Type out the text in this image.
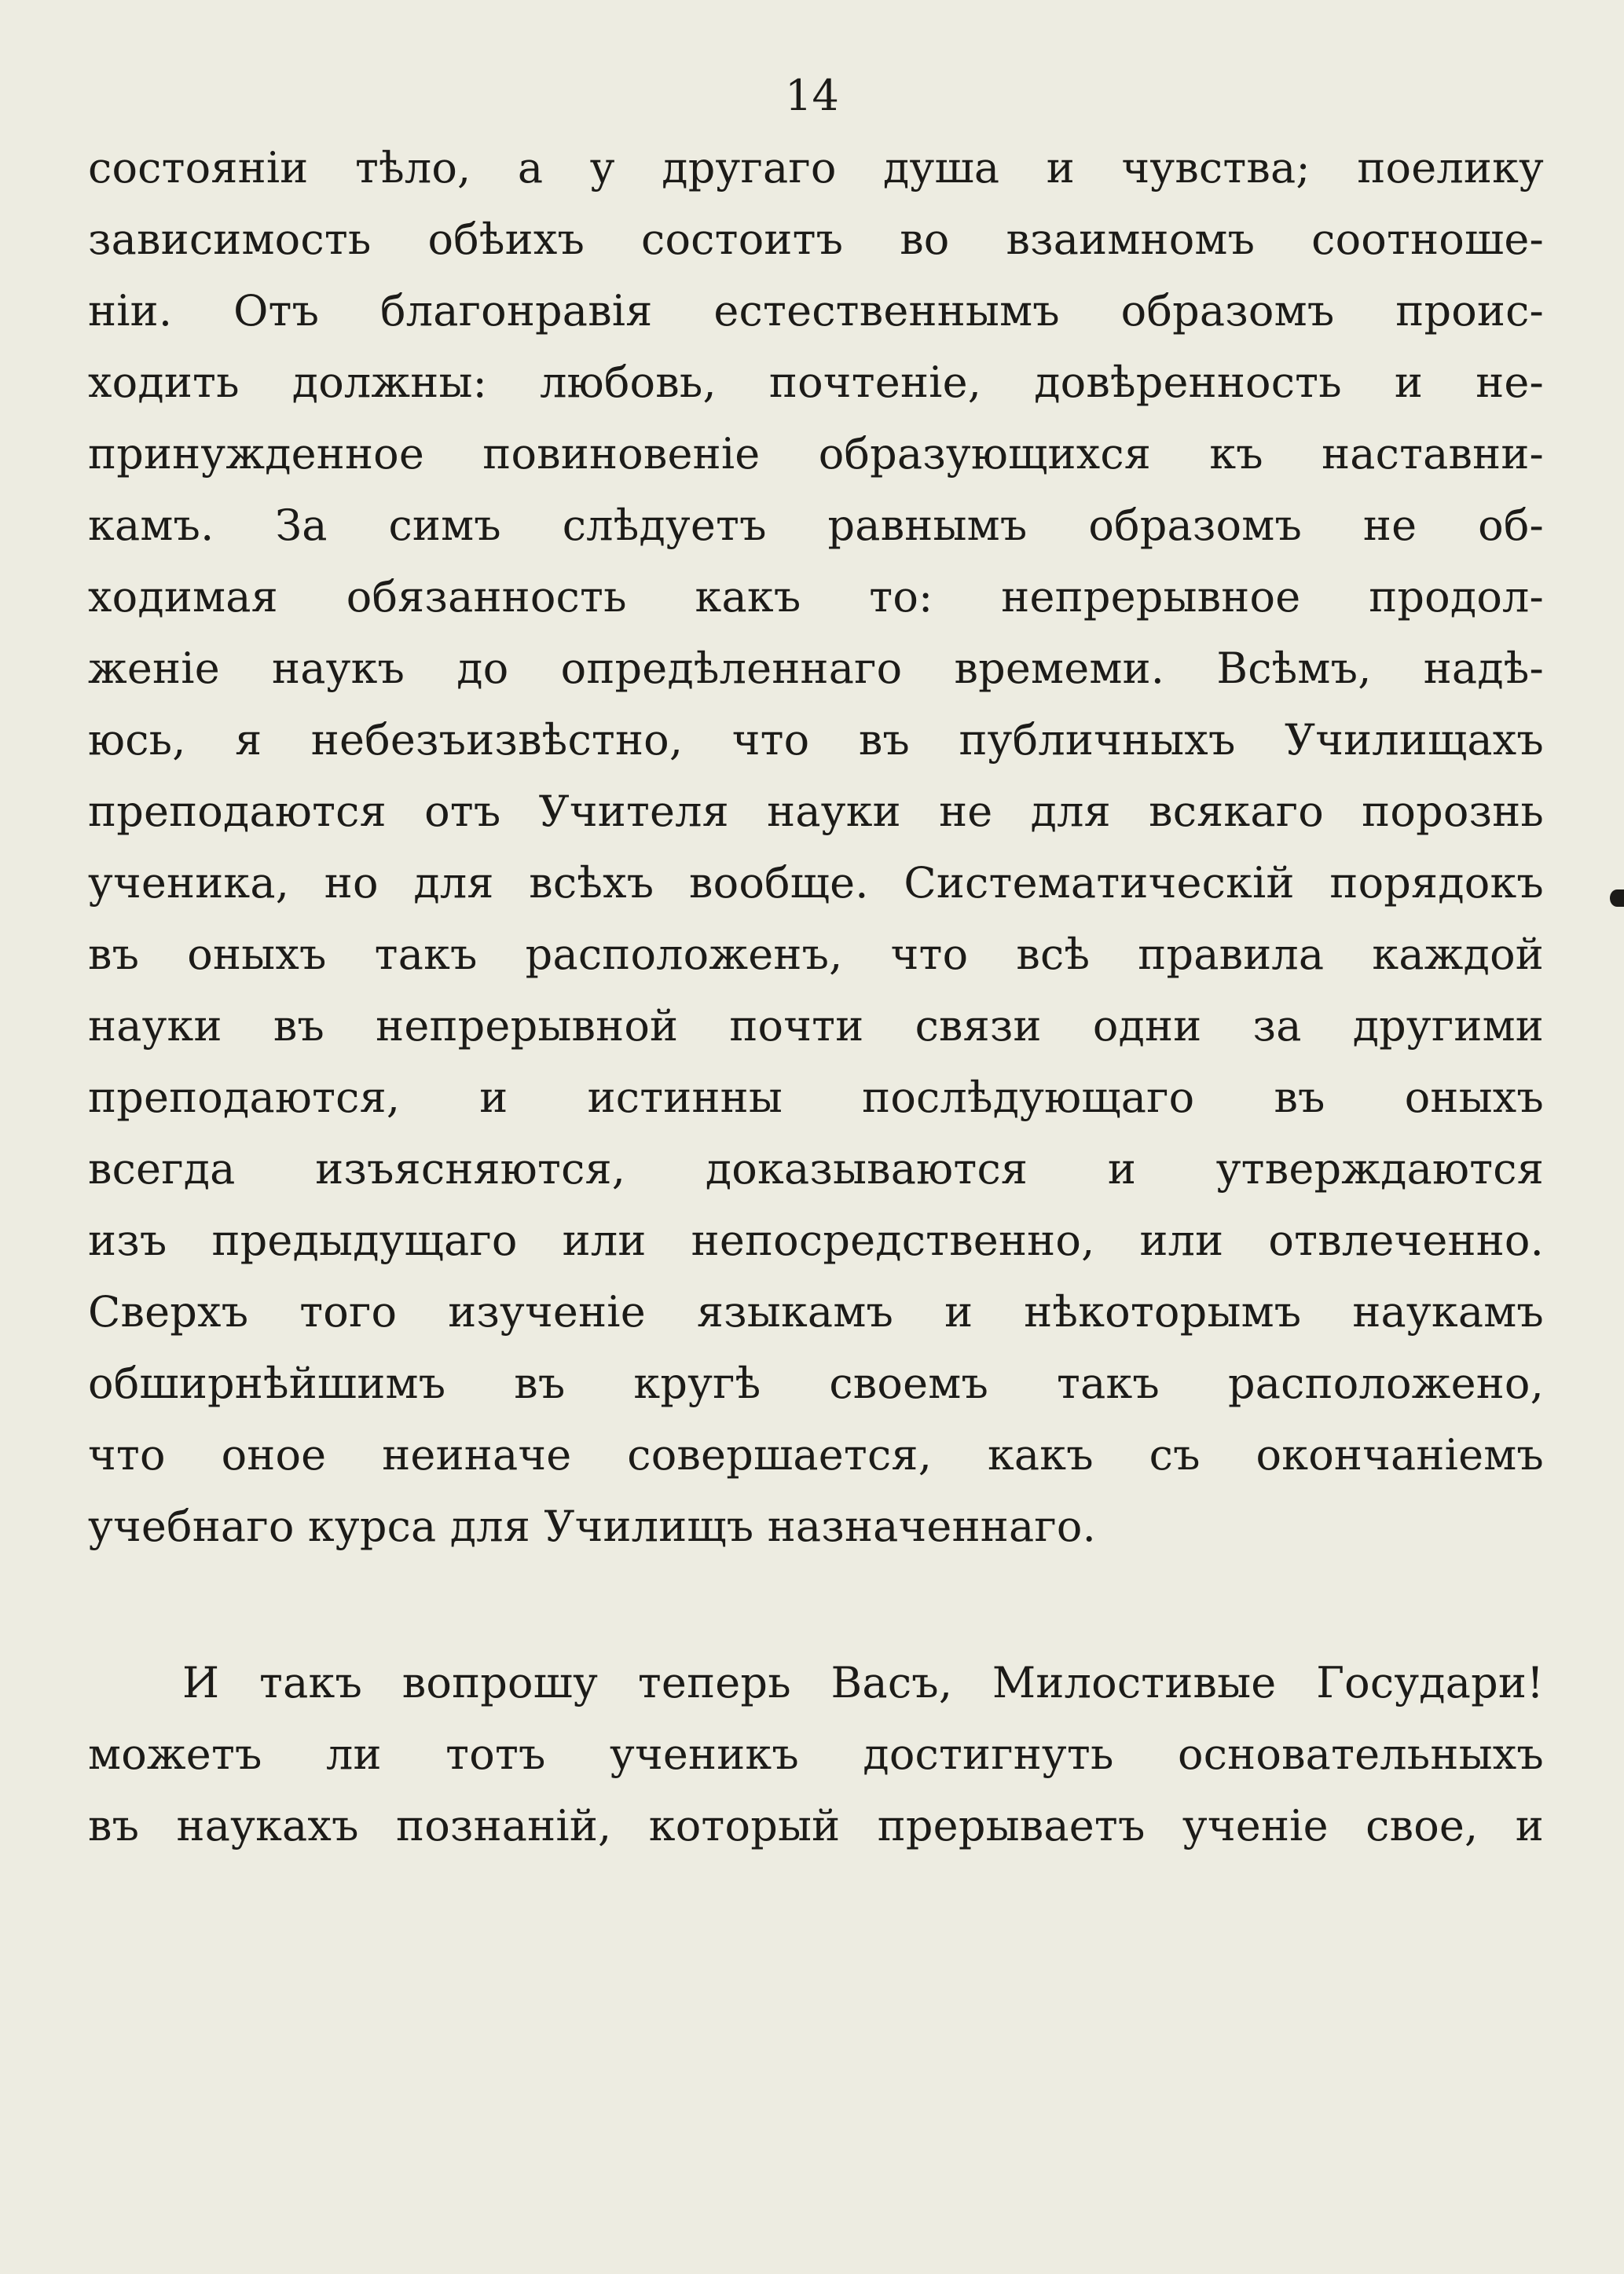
14
состояніи тѣло, а у другаго душа и чувства; поелику
зависимость обѣихъ состоитъ во взаимномъ соотноше-
ніи. Отъ благонравія естественнымъ образомъ проис-
ходить должны: любовь, почтеніе, довѣренность и не-
принужденное повиновеніе образующихся къ наставни-
камъ. За симъ слѣдуетъ равнымъ образомъ не об-
ходимая обязанность какъ то: непрерывное продол-
женіе наукъ до опредѣленнаго времеми. Всѣмъ, надѣ-
юсь, я небезъизвѣстно, что въ публичныхъ Училищахъ
преподаются отъ Учителя науки не для всякаго порознь
ученика, но для всѣхъ вообще. Систематическій порядокъ
въ оныхъ такъ расположенъ, что всѣ правила каждой
науки въ непрерывной почти связи одни за другими
преподаются, и истинны послѣдующаго въ оныхъ
всегда изъясняются, доказываются и утверждаются
изъ предыдущаго или непосредственно, или отвлеченно.
Сверхъ того изученіе языкамъ и нѣкоторымъ наукамъ
обширнѣйшимъ въ кругѣ своемъ такъ расположено,
что оное неиначе совершается, какъ съ окончаніемъ
учебнаго курса для Училищъ назначеннаго.
И такъ вопрошу теперь Васъ, Милостивые Государи!
можетъ ли тотъ ученикъ достигнуть основательныхъ
въ наукахъ познаній, который прерываетъ ученіе свое, и
